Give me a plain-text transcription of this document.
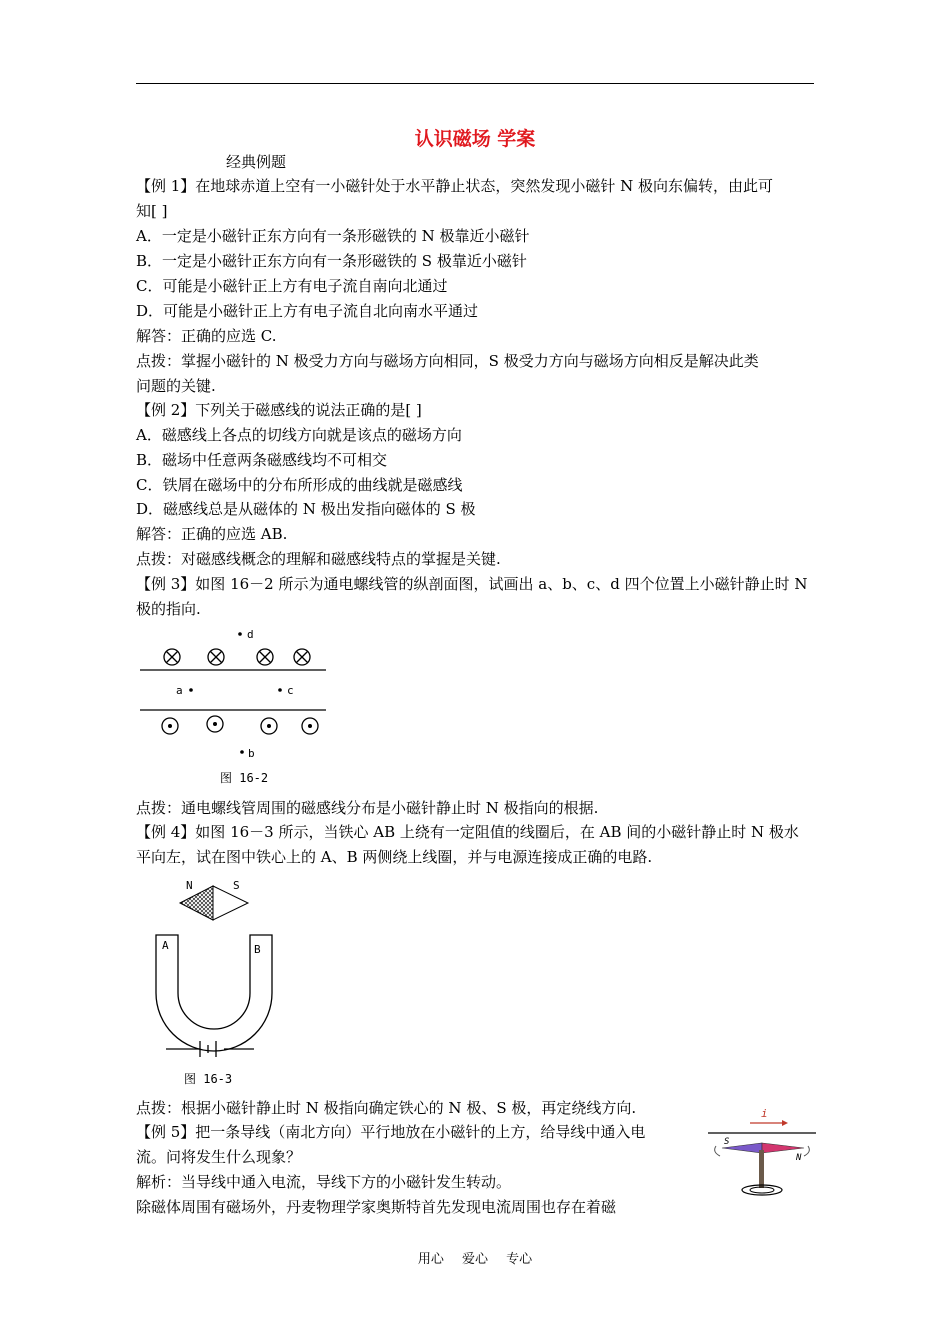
认识磁场 学案
经典例题
【例 1】在地球赤道上空有一小磁针处于水平静止状态，突然发现小磁针 N 极向东偏转，由此可
知[ ]
A．一定是小磁针正东方向有一条形磁铁的 N 极靠近小磁针
B．一定是小磁针正东方向有一条形磁铁的 S 极靠近小磁针
C．可能是小磁针正上方有电子流自南向北通过
D．可能是小磁针正上方有电子流自北向南水平通过
解答：正确的应选 C.
点拨：掌握小磁针的 N 极受力方向与磁场方向相同，S 极受力方向与磁场方向相反是解决此类
问题的关键.
【例 2】下列关于磁感线的说法正确的是[ ]
A．磁感线上各点的切线方向就是该点的磁场方向
B．磁场中任意两条磁感线均不可相交
C．铁屑在磁场中的分布所形成的曲线就是磁感线
D．磁感线总是从磁体的 N 极出发指向磁体的 S 极
解答：正确的应选 AB.
点拨：对磁感线概念的理解和磁感线特点的掌握是关键.
【例 3】如图 16－2 所示为通电螺线管的纵剖面图，试画出 a、b、c、d 四个位置上小磁针静止时 N
极的指向.
d
a	c
b
图 16-2
点拨：通电螺线管周围的磁感线分布是小磁针静止时 N 极指向的根据.
【例 4】如图 16－3 所示，当铁心 AB 上绕有一定阻值的线圈后，在 AB 间的小磁针静止时 N 极水
平向左，试在图中铁心上的 A、B 两侧绕上线圈，并与电源连接成正确的电路.
N	S
A	B
图 16-3
点拨：根据小磁针静止时 N 极指向确定铁心的 N 极、S 极，再定绕线方向.
【例 5】把一条导线（南北方向）平行地放在小磁针的上方，给导线中通入电
流。问将发生什么现象？
解析：当导线中通入电流，导线下方的小磁针发生转动。
除磁体周围有磁场外，丹麦物理学家奥斯特首先发现电流周围也存在着磁
i
S
N
用心 爱心 专心
